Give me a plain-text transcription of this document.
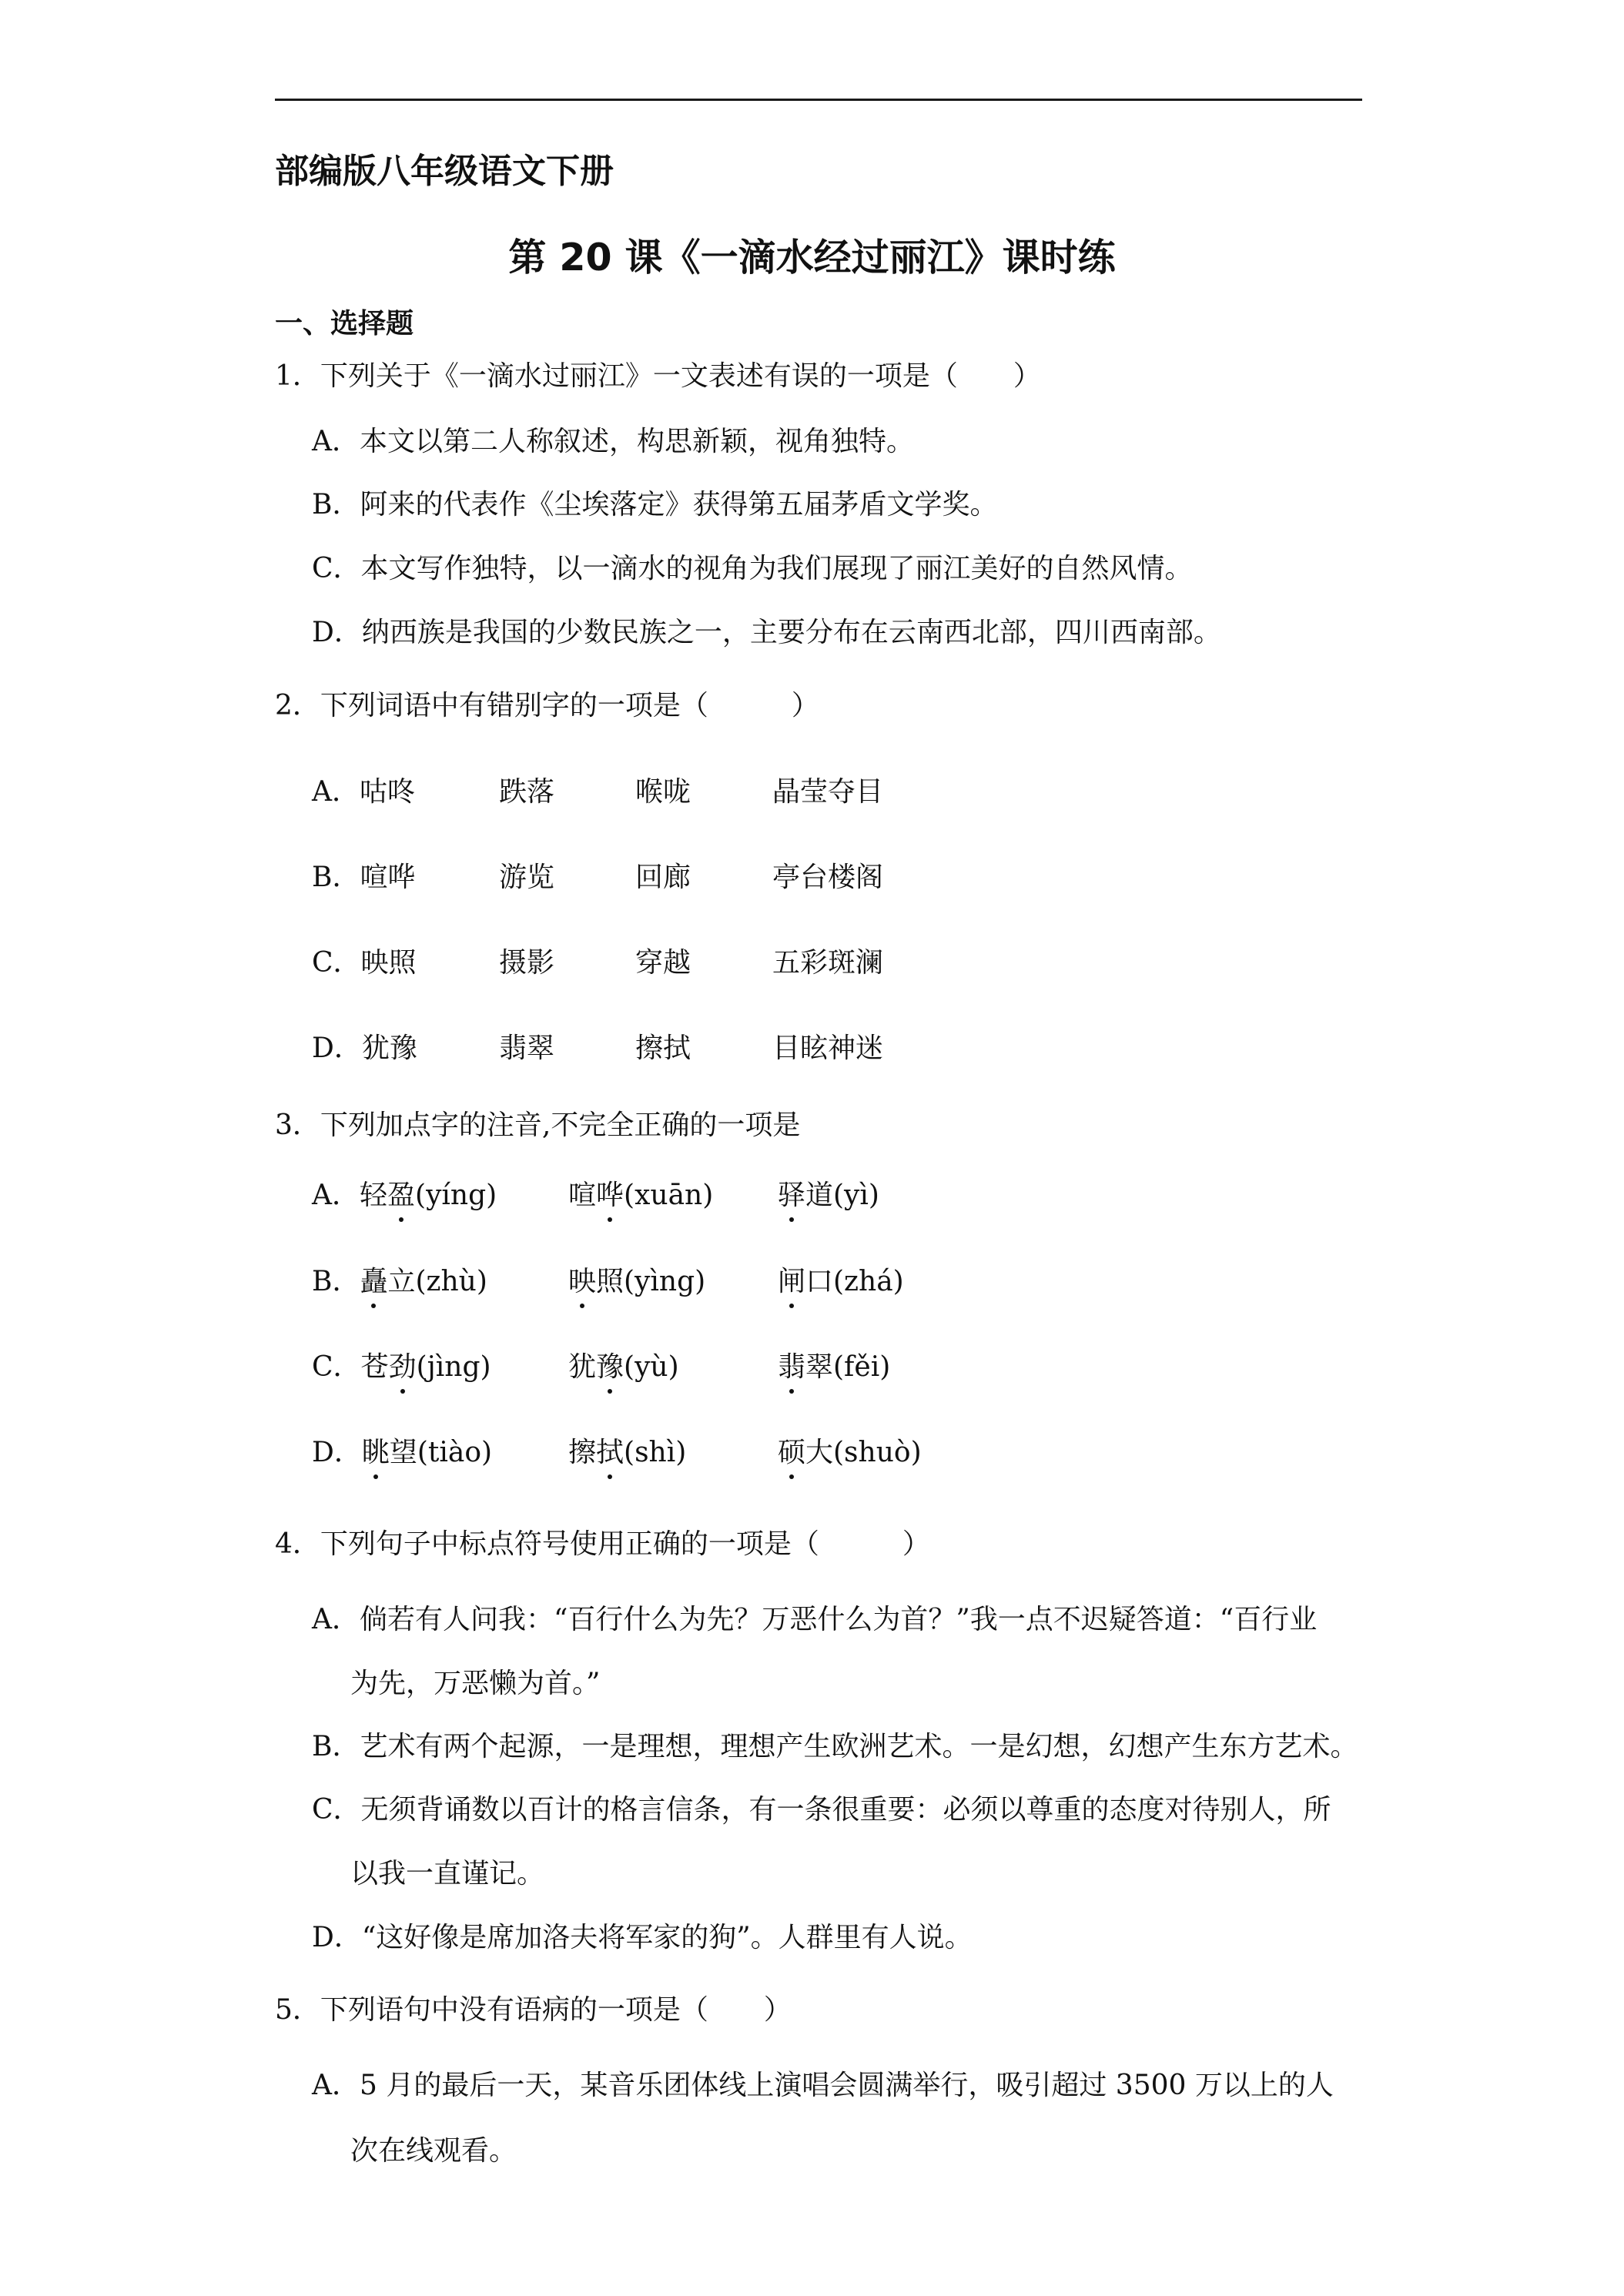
部编版八年级语文下册
第 20 课《一滴水经过丽江》课时练
一、选择题
1．下列关于《一滴水过丽江》一文表述有误的一项是（　　）
A．本文以第二人称叙述，构思新颖，视角独特。
B．阿来的代表作《尘埃落定》获得第五届茅盾文学奖。
C．本文写作独特，以一滴水的视角为我们展现了丽江美好的自然风情。
D．纳西族是我国的少数民族之一，主要分布在云南西北部，四川西南部。
2．下列词语中有错别字的一项是（　　　）
A．咕咚	跌落	喉咙	晶莹夺目
B．喧哗	游览	回廊	亭台楼阁
C．映照	摄影	穿越	五彩斑澜
D．犹豫	翡翠	擦拭	目眩神迷
3．下列加点字的注音,不完全正确的一项是
A．轻盈(yíng)	喧哗(xuān) 驿道(yì)
B．矗立(zhù)	映照(yìng)	闸口(zhá)
C．苍劲(jìng)	犹豫(yù)	翡翠(fěi)
D．眺望(tiào)	擦拭(shì)	硕大(shuò)
4．下列句子中标点符号使用正确的一项是（　　　）
A．倘若有人问我：“百行什么为先？万恶什么为首？”我一点不迟疑答道：“百行业
为先，万恶懒为首。”
B．艺术有两个起源，一是理想，理想产生欧洲艺术。一是幻想，幻想产生东方艺术。
C．无须背诵数以百计的格言信条，有一条很重要：必须以尊重的态度对待别人，所
以我一直谨记。
D．“这好像是席加洛夫将军家的狗”。人群里有人说。
5．下列语句中没有语病的一项是（　　）
A．5 月的最后一天，某音乐团体线上演唱会圆满举行，吸引超过 3500 万以上的人
次在线观看。
